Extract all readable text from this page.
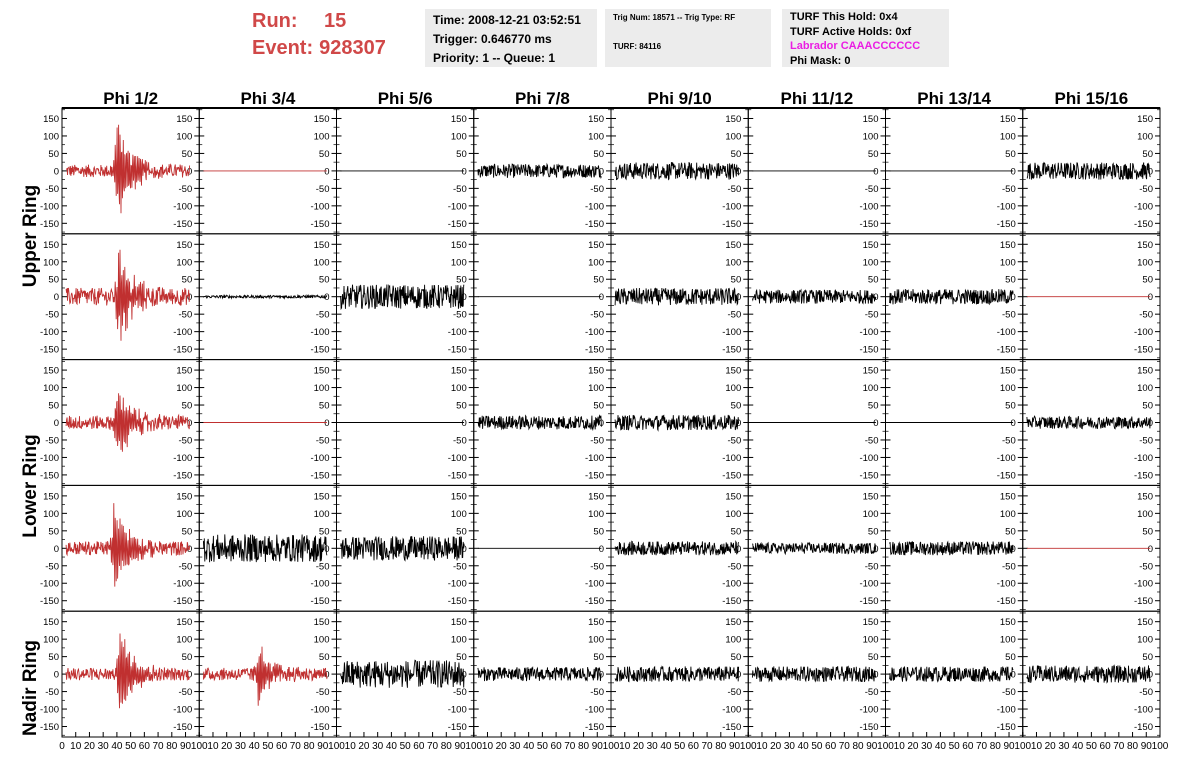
Run:	15
Event: 928307
Time: 2008-12-21 03:52:51
Trigger: 0.646770 ms
Priority: 1 -- Queue: 1
Trig Num: 18571 -- Trig Type: RF
TURF: 84116
TURF This Hold: 0x4
TURF Active Holds: 0xf
Labrador CAAACCCCCC
Phi Mask: 0
Phi 1/2	Phi 3/4	Phi 5/6	Phi 7/8	Phi 9/10	Phi 11/12	Phi 13/14	Phi 15/16
Upper Ring
Lower Ring
Nadir Ring
150	150
100	100
50	50
0	0
-50	-50
-100	-100
-150	-150
150
100
50
0
-50
-100
-150
150
100
50
0
-50
-100
-150
150
100
50
0
-50
-100
-150
150
100
50
0
-50
-100
-150
150
100
50
0
-50
-100
-150
150
100
50
0
-50
-100
-150
150
100
50
0
-50
-100
-150
150	150
100	100
50	50
0	0
-50	-50
-100	-100
-150	-150
150
100
50
0
-50
-100
-150
150
100
50
0
-50
-100
-150
150
100
50
0
-50
-100
-150
150
100
50
0
-50
-100
-150
150
100
50
0
-50
-100
-150
150
100
50
0
-50
-100
-150
150
100
50
0
-50
-100
-150
150	150
100	100
50	50
0	0
-50	-50
-100	-100
-150	-150
150
100
50
0
-50
-100
-150
150
100
50
0
-50
-100
-150
150
100
50
0
-50
-100
-150
150
100
50
0
-50
-100
-150
150
100
50
0
-50
-100
-150
150
100
50
0
-50
-100
-150
150
100
50
0
-50
-100
-150
150	150
100	100
50	50
0	0
-50	-50
-100	-100
-150	-150
150
100
50
0
-50
-100
-150
150
100
50
0
-50
-100
-150
150
100
50
0
-50
-100
-150
150
100
50
0
-50
-100
-150
150
100
50
0
-50
-100
-150
150
100
50
0
-50
-100
-150
150
100
50
0
-50
-100
-150
150	150
100	100
50	50
0	0
-50	-50
-100	-100
-150	-150
0 10 20 30 40 50 60 70 80 90 100
150
100
50
0
-50
-100
-150
10 20 30 40 50 60 70 80 90 100
150
100
50
0
-50
-100
-150
10 20 30 40 50 60 70 80 90 100
150
100
50
0
-50
-100
-150
10 20 30 40 50 60 70 80 90 100
150
100
50
0
-50
-100
-150
10 20 30 40 50 60 70 80 90 100
150
100
50
0
-50
-100
-150
10 20 30 40 50 60 70 80 90 100
150
100
50
0
-50
-100
-150
10 20 30 40 50 60 70 80 90 100
150
100
50
0
-50
-100
-150
10 20 30 40 50 60 70 80 90 100
